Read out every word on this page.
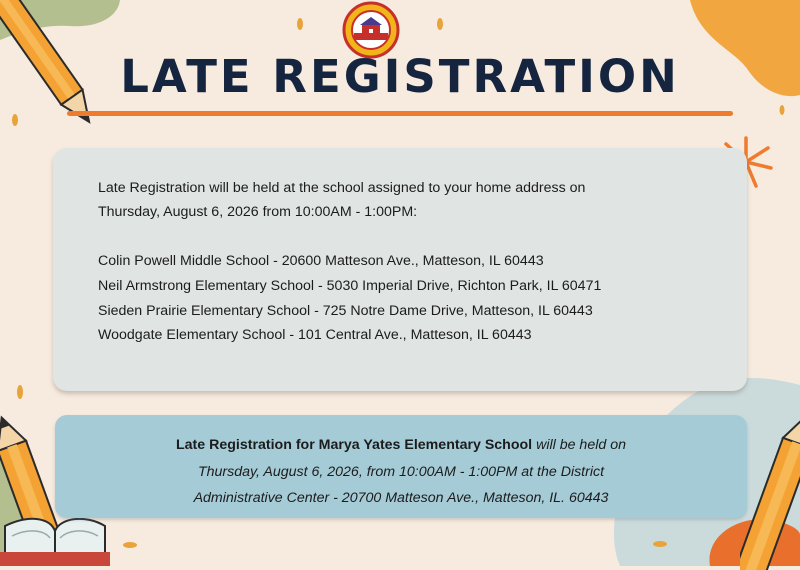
LATE REGISTRATION

Late Registration will be held at the school assigned to your home address on
Thursday, August 6, 2026 from 10:00AM - 1:00PM:

Colin Powell Middle School - 20600 Matteson Ave., Matteson, IL 60443
Neil Armstrong Elementary School - 5030 Imperial Drive, Richton Park, IL 60471
Sieden Prairie Elementary School - 725 Notre Dame Drive, Matteson, IL 60443
Woodgate Elementary School - 101 Central Ave., Matteson, IL 60443

Late Registration for Marya Yates Elementary School will be held on
Thursday, August 6, 2026, from 10:00AM - 1:00PM at the District
Administrative Center - 20700 Matteson Ave., Matteson, IL. 60443
